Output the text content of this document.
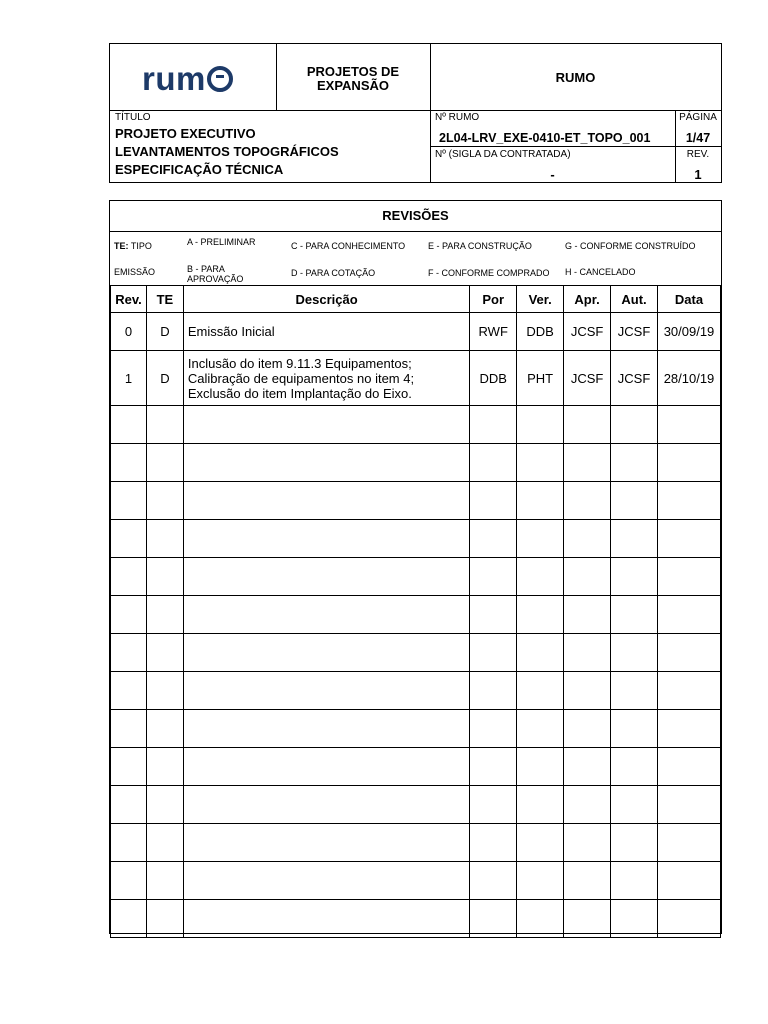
rum	PROJETOS DE EXPANSÃO
RUMO
TÍTULO
PROJETO EXECUTIVO
LEVANTAMENTOS TOPOGRÁFICOS
ESPECIFICAÇÃO TÉCNICA
Nº RUMO
2L04-LRV_EXE-0410-ET_TOPO_001
Nº (SIGLA DA CONTRATADA)
-
PÁGINA
1/47
REV.
1
REVISÕES
TE: TIPO
EMISSÃO
A - PRELIMINAR
B - PARA
APROVAÇÃO
C - PARA CONHECIMENTO
D - PARA COTAÇÃO
E - PARA CONSTRUÇÃO
F - CONFORME COMPRADO
G - CONFORME CONSTRUÍDO
H - CANCELADO
Rev.	TE	Descrição	Por	Ver.	Apr.	Aut.	Data
0	D	Emissão Inicial	RWF	DDB	JCSF	JCSF	30/09/19
1	D	Inclusão do item 9.11.3 Equipamentos;
Calibração de equipamentos no item 4;
Exclusão do item Implantação do Eixo.	DDB	PHT	JCSF	JCSF	28/10/19
